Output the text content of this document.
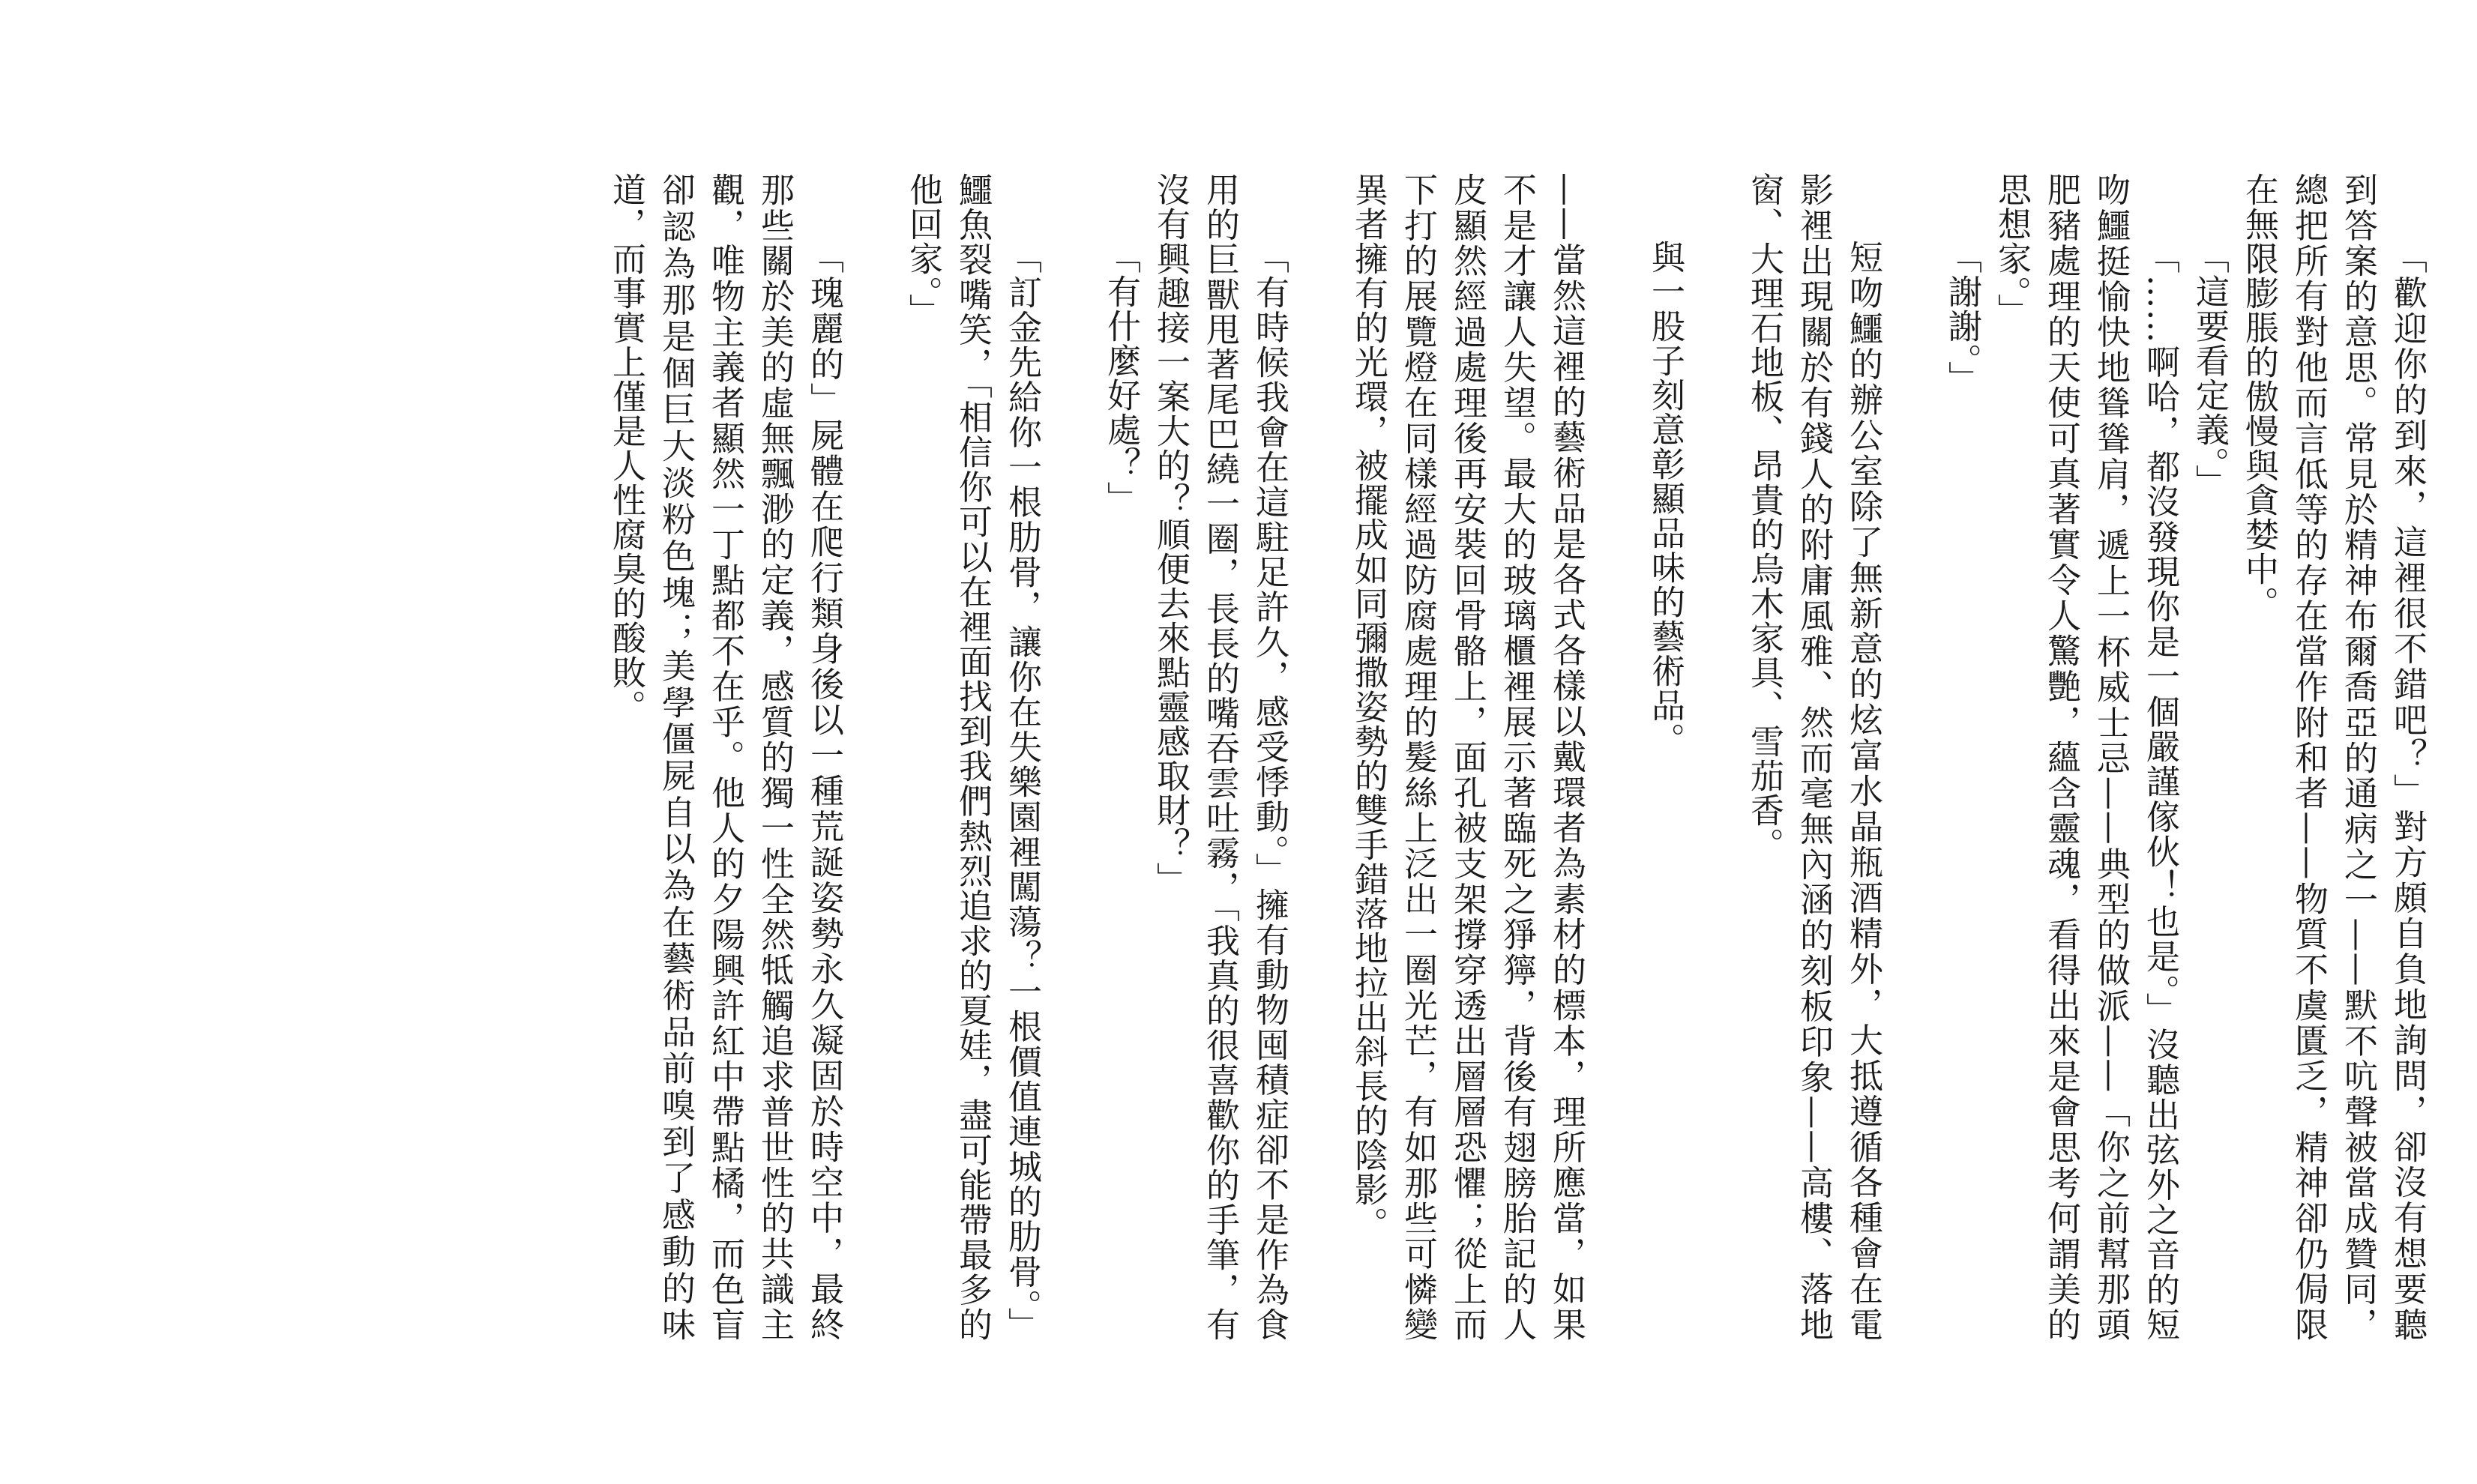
「歡迎你的到來，這裡很不錯吧？」對方頗自負地詢問，卻沒有想要聽到答案的意思。常見於精神布爾喬亞的通病之一——默不吭聲被當成贊同，總把所有對他而言低等的存在當作附和者——物質不虞匱乏，精神卻仍侷限在無限膨脹的傲慢與貪婪中。

「這要看定義。」

「……啊哈，都沒發現你是一個嚴謹傢伙！也是。」沒聽出弦外之音的短吻鱷挺愉快地聳聳肩，遞上一杯威士忌——典型的做派——「你之前幫那頭肥豬處理的天使可真著實令人驚艷，蘊含靈魂，看得出來是會思考何謂美的思想家。」

「謝謝。」

短吻鱷的辦公室除了無新意的炫富水晶瓶酒精外，大抵遵循各種會在電影裡出現關於有錢人的附庸風雅、然而毫無內涵的刻板印象——高樓、落地窗、大理石地板、昂貴的烏木家具、雪茄香。

與一股子刻意彰顯品味的藝術品。

——當然這裡的藝術品是各式各樣以戴環者為素材的標本，理所應當，如果不是才讓人失望。最大的玻璃櫃裡展示著臨死之猙獰，背後有翅膀胎記的人皮顯然經過處理後再安裝回骨骼上，面孔被支架撐穿透出層層恐懼；從上而下打的展覽燈在同樣經過防腐處理的髮絲上泛出一圈光芒，有如那些可憐變異者擁有的光環，被擺成如同彌撒姿勢的雙手錯落地拉出斜長的陰影。

「有時候我會在這駐足許久，感受悸動。」擁有動物囤積症卻不是作為食用的巨獸甩著尾巴繞一圈，長長的嘴吞雲吐霧，「我真的很喜歡你的手筆，有沒有興趣接一案大的？順便去來點靈感取財？」

「有什麼好處？」

「訂金先給你一根肋骨，讓你在失樂園裡闖蕩？一根價值連城的肋骨。」鱷魚裂嘴笑，「相信你可以在裡面找到我們熱烈追求的夏娃，盡可能帶最多的他回家。」

「瑰麗的」屍體在爬行類身後以一種荒誕姿勢永久凝固於時空中，最終那些關於美的虛無飄渺的定義，感質的獨一性全然牴觸追求普世性的共識主觀，唯物主義者顯然一丁點都不在乎。他人的夕陽興許紅中帶點橘，而色盲卻認為那是個巨大淡粉色塊；美學僵屍自以為在藝術品前嗅到了感動的味道，而事實上僅是人性腐臭的酸敗。
